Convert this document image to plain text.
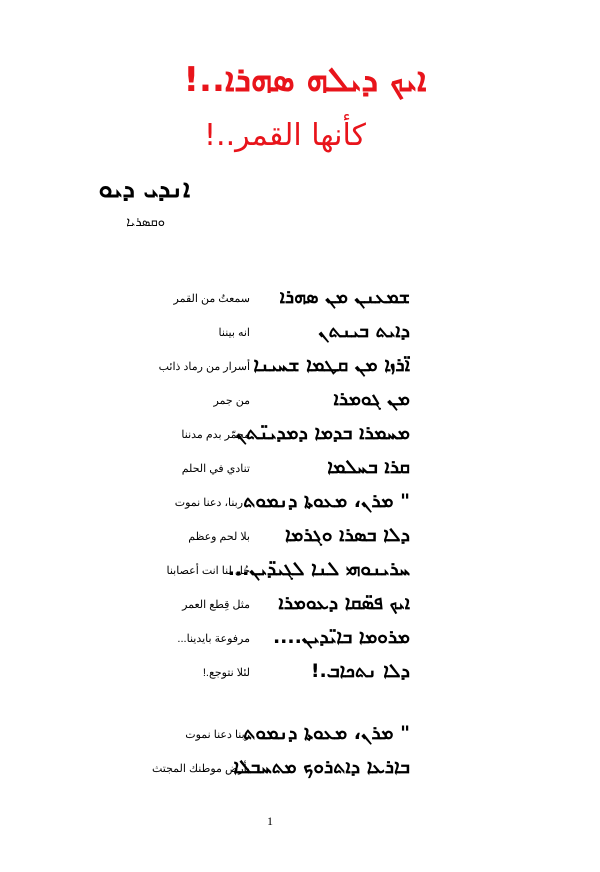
ܐܝܟ ܕܝܠܗ ܣܗܪܐ..!
كأنها القمر..!
ܐܢܕܝ ܕܝܘ
ܘܩܣܪܝܐ
ܫܡܥܢܢ ܡܢ ܣܗܪܐ
سمعتُ من القمر
ܕܐܝܬ ܒܝܢܬܢ
انه بيننا
ܐ̈ܪܙܐ ܡܢ ܩܛܡܐ ܫܚܝܢܐ
أسرار من رماد ذائب
ܡܢ ܓܘܡܪܐ
من جمر
ܡܚܡܪܐ ܒܕܡܐ ܕܡܕܝܢ̈ܬܢ
محمّر بدم مدننا
ܩܪܐ ܒܚܠܡܐ
تنادي في الحلم
" ܡܪܢ، ܡܥܘܬܐ ܕܢܡܘܬ
" ربنا، دعنا نموت
ܕܠܐ ܒܣܪܐ ܘܓܪܡܐ
بلا لحم وعظم
ܚܪܝܢܘܗܝ ܠܢܐ ܠܓܝܕ̈ܝܢ...
حُل لنا انت أعصابنا
ܐܝܟ ܦܣ̈ܩܐ ܕܥܘܡܪܐ
مثل قِطع العمر
ܡܪܘܡܐ ܒܐܝ̈ܕܝܢ....
مرفوعة بايدينا...
ܕܠܐ ܢܬܟܐܒ.!
لئلا نتوجع.!
" ܡܪܢ، ܡܥܘܬܐ ܕܢܡܘܬ
ربنا دعنا نموت
ܒܐܪܥܐ ܕܐܬܪܘܟ ܡܬܚܒܠܐ
بأرض موطنك المجتث
1
